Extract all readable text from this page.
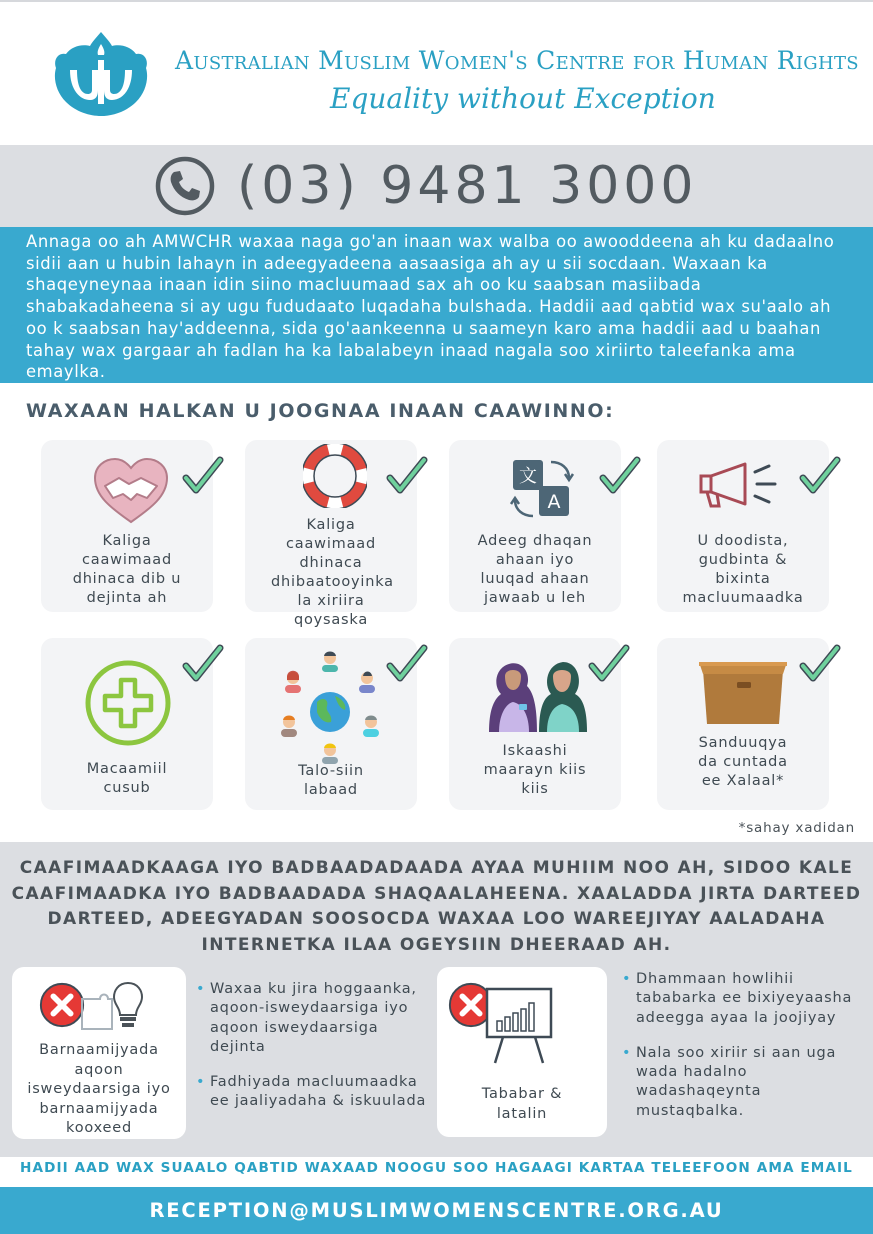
Australian Muslim Women's Centre for Human Rights
Equality without Exception
(03) 9481 3000
Annaga oo ah AMWCHR waxaa naga go'an inaan wax walba oo awooddeena ah ku dadaalno sidii aan u hubin lahayn in adeegyadeena aasaasiga ah ay u sii socdaan. Waxaan ka shaqeyneynaa inaan idin siino macluumaad sax ah oo ku saabsan masiibada shabakadaheena si ay ugu fududaato luqadaha bulshada. Haddii aad qabtid wax su'aalo ah oo k saabsan hay'addeenna, sida go'aankeenna u saameyn karo ama haddii aad u baahan tahay wax gargaar ah fadlan ha ka labalabeyn inaad nagala soo xiriirto taleefanka ama emaylka.
WAXAAN HALKAN U JOOGNAA INAAN CAAWINNO:
Kaliga caawimaad dhinaca dib u dejinta ah
Kaliga caawimaad dhinaca dhibaatooyinka la xiriira qoysaska
文
A
Adeeg dhaqan ahaan iyo luuqad ahaan jawaab u leh
U doodista, gudbinta & bixinta macluumaadka
Macaamiil cusub
Talo-siin labaad
Iskaashi maarayn kiis kiis
Sanduuqya da cuntada ee Xalaal*
*sahay xadidan
CAAFIMAADKAAGA IYO BADBAADADAADA AYAA MUHIIM NOO AH, SIDOO KALE CAAFIMAADKA IYO BADBAADADA SHAQAALAHEENA. XAALADDA JIRTA DARTEED DARTEED, ADEEGYADAN SOOSOCDA WAXAA LOO WAREEJIYAY AALADAHA INTERNETKA ILAA OGEYSIIN DHEERAAD AH.
Barnaamijyada aqoon isweydaarsiga iyo barnaamijyada kooxeed
• Waxaa ku jira hoggaanka, aqoon-isweydaarsiga iyo aqoon isweydaarsiga dejinta
• Fadhiyada macluumaadka ee jaaliyadaha & iskuulada	Tababar & latalin
• Dhammaan howlihii tababarka ee bixiyeyaasha adeegga ayaa la joojiyay
• Nala soo xiriir si aan uga wada hadalno wadashaqeynta mustaqbalka.
HADII AAD WAX SUAALO QABTID WAXAAD NOOGU SOO HAGAAGI KARTAA TELEEFOON AMA EMAIL
RECEPTION@MUSLIMWOMENSCENTRE.ORG.AU
